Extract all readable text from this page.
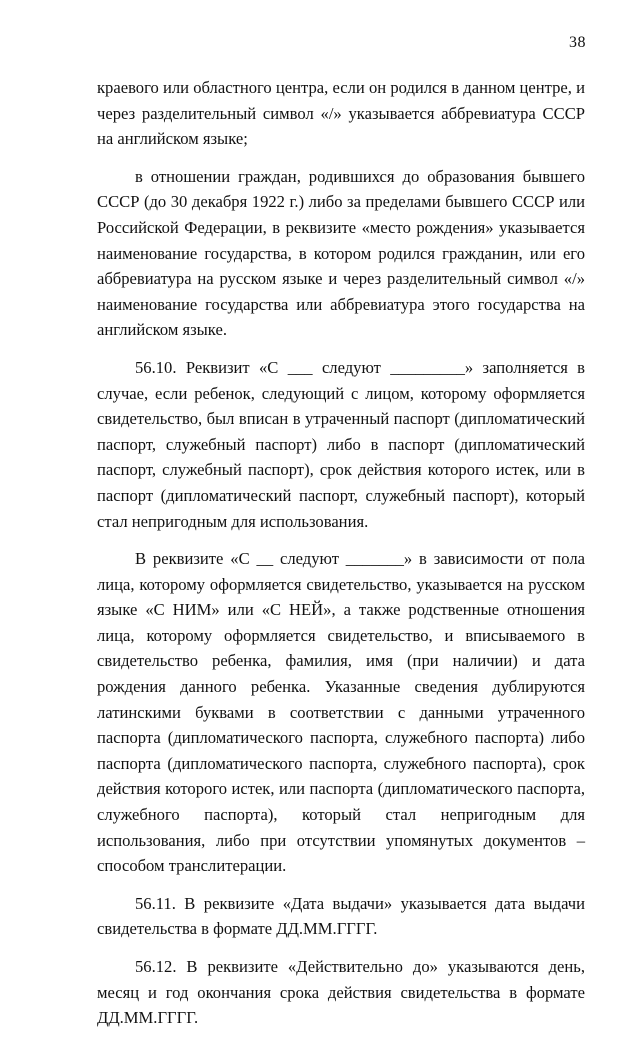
38

краевого или областного центра, если он родился в данном центре, и через разделительный символ «/» указывается аббревиатура СССР на английском языке;

в отношении граждан, родившихся до образования бывшего СССР (до 30 декабря 1922 г.) либо за пределами бывшего СССР или Российской Федерации, в реквизите «место рождения» указывается наименование государства, в котором родился гражданин, или его аббревиатура на русском языке и через разделительный символ «/» наименование государства или аббревиатура этого государства на английском языке.

56.10. Реквизит «С ___ следуют _________» заполняется в случае, если ребенок, следующий с лицом, которому оформляется свидетельство, был вписан в утраченный паспорт (дипломатический паспорт, служебный паспорт) либо в паспорт (дипломатический паспорт, служебный паспорт), срок действия которого истек, или в паспорт (дипломатический паспорт, служебный паспорт), который стал непригодным для использования.

В реквизите «С __ следуют _______» в зависимости от пола лица, которому оформляется свидетельство, указывается на русском языке «С НИМ» или «С НЕЙ», а также родственные отношения лица, которому оформляется свидетельство, и вписываемого в свидетельство ребенка, фамилия, имя (при наличии) и дата рождения данного ребенка. Указанные сведения дублируются латинскими буквами в соответствии с данными утраченного паспорта (дипломатического паспорта, служебного паспорта) либо паспорта (дипломатического паспорта, служебного паспорта), срок действия которого истек, или паспорта (дипломатического паспорта, служебного паспорта), который стал непригодным для использования, либо при отсутствии упомянутых документов – способом транслитерации.

56.11. В реквизите «Дата выдачи» указывается дата выдачи свидетельства в формате ДД.ММ.ГГГГ.

56.12. В реквизите «Действительно до» указываются день, месяц и год окончания срока действия свидетельства в формате ДД.ММ.ГГГГ.
